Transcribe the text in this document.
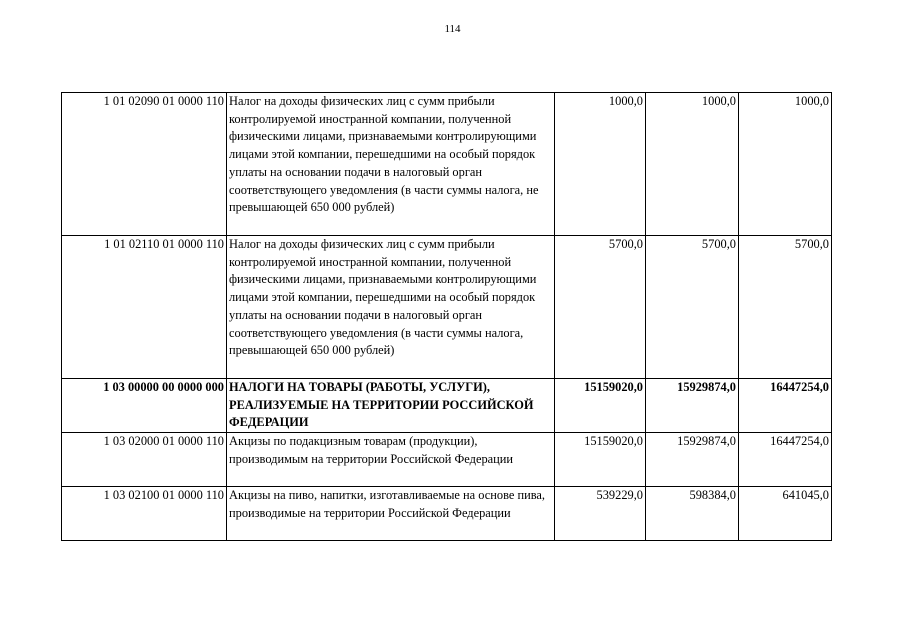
114
1 01 02090 01 0000 110	Налог на доходы физических лиц с сумм прибыли контролируемой иностранной компании, полученной физическими лицами, признаваемыми контролирующими лицами этой компании, перешедшими на особый порядок уплаты на основании подачи в налоговый орган соответствующего уведомления (в части суммы налога, не превышающей 650 000 рублей)	1000,0	1000,0	1000,0
1 01 02110 01 0000 110	Налог на доходы физических лиц с сумм прибыли контролируемой иностранной компании, полученной физическими лицами, признаваемыми контролирующими лицами этой компании, перешедшими на особый порядок уплаты на основании подачи в налоговый орган соответствующего уведомления (в части суммы налога, превышающей 650 000 рублей)	5700,0	5700,0	5700,0
1 03 00000 00 0000 000	НАЛОГИ НА ТОВАРЫ (РАБОТЫ, УСЛУГИ), РЕАЛИЗУЕМЫЕ НА ТЕРРИТОРИИ РОССИЙСКОЙ ФЕДЕРАЦИИ	15159020,0	15929874,0	16447254,0
1 03 02000 01 0000 110	Акцизы по подакцизным товарам (продукции), производимым на территории Российской Федерации	15159020,0	15929874,0	16447254,0
1 03 02100 01 0000 110	Акцизы на пиво, напитки, изготавливаемые на основе пива, производимые на территории Российской Федерации	539229,0	598384,0	641045,0
